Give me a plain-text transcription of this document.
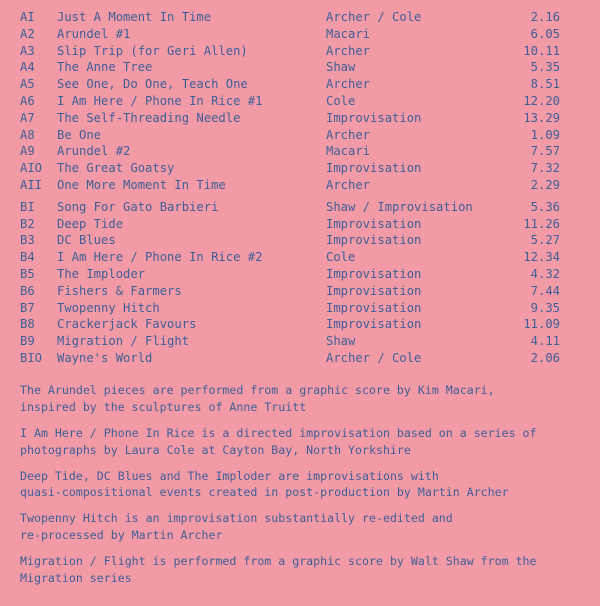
AI Just A Moment In Time	Archer / Cole	2.16
A2 Arundel #1	Macari	6.05
A3 Slip Trip (for Geri Allen)	Archer	10.11
A4 The Anne Tree	Shaw	5.35
A5 See One, Do One, Teach One	Archer	8.51
A6 I Am Here / Phone In Rice #1	Cole	12.20
A7 The Self-Threading Needle	Improvisation	13.29
A8 Be One	Archer	1.09
A9 Arundel #2	Macari	7.57
AIO The Great Goatsy	Improvisation	7.32
AII One More Moment In Time	Archer	2.29
BI Song For Gato Barbieri	Shaw / Improvisation	5.36
B2 Deep Tide	Improvisation	11.26
B3 DC Blues	Improvisation	5.27
B4 I Am Here / Phone In Rice #2	Cole	12.34
B5 The Imploder	Improvisation	4.32
B6 Fishers & Farmers	Improvisation	7.44
B7 Twopenny Hitch	Improvisation	9.35
B8 Crackerjack Favours	Improvisation	11.09
B9 Migration / Flight	Shaw	4.11
BIO Wayne's World	Archer / Cole	2.06
The Arundel pieces are performed from a graphic score by Kim Macari,
inspired by the sculptures of Anne Truitt
I Am Here / Phone In Rice is a directed improvisation based on a series of
photographs by Laura Cole at Cayton Bay, North Yorkshire
Deep Tide, DC Blues and The Imploder are improvisations with
quasi-compositional events created in post-production by Martin Archer
Twopenny Hitch is an improvisation substantially re-edited and
re-processed by Martin Archer
Migration / Flight is performed from a graphic score by Walt Shaw from the
Migration series
